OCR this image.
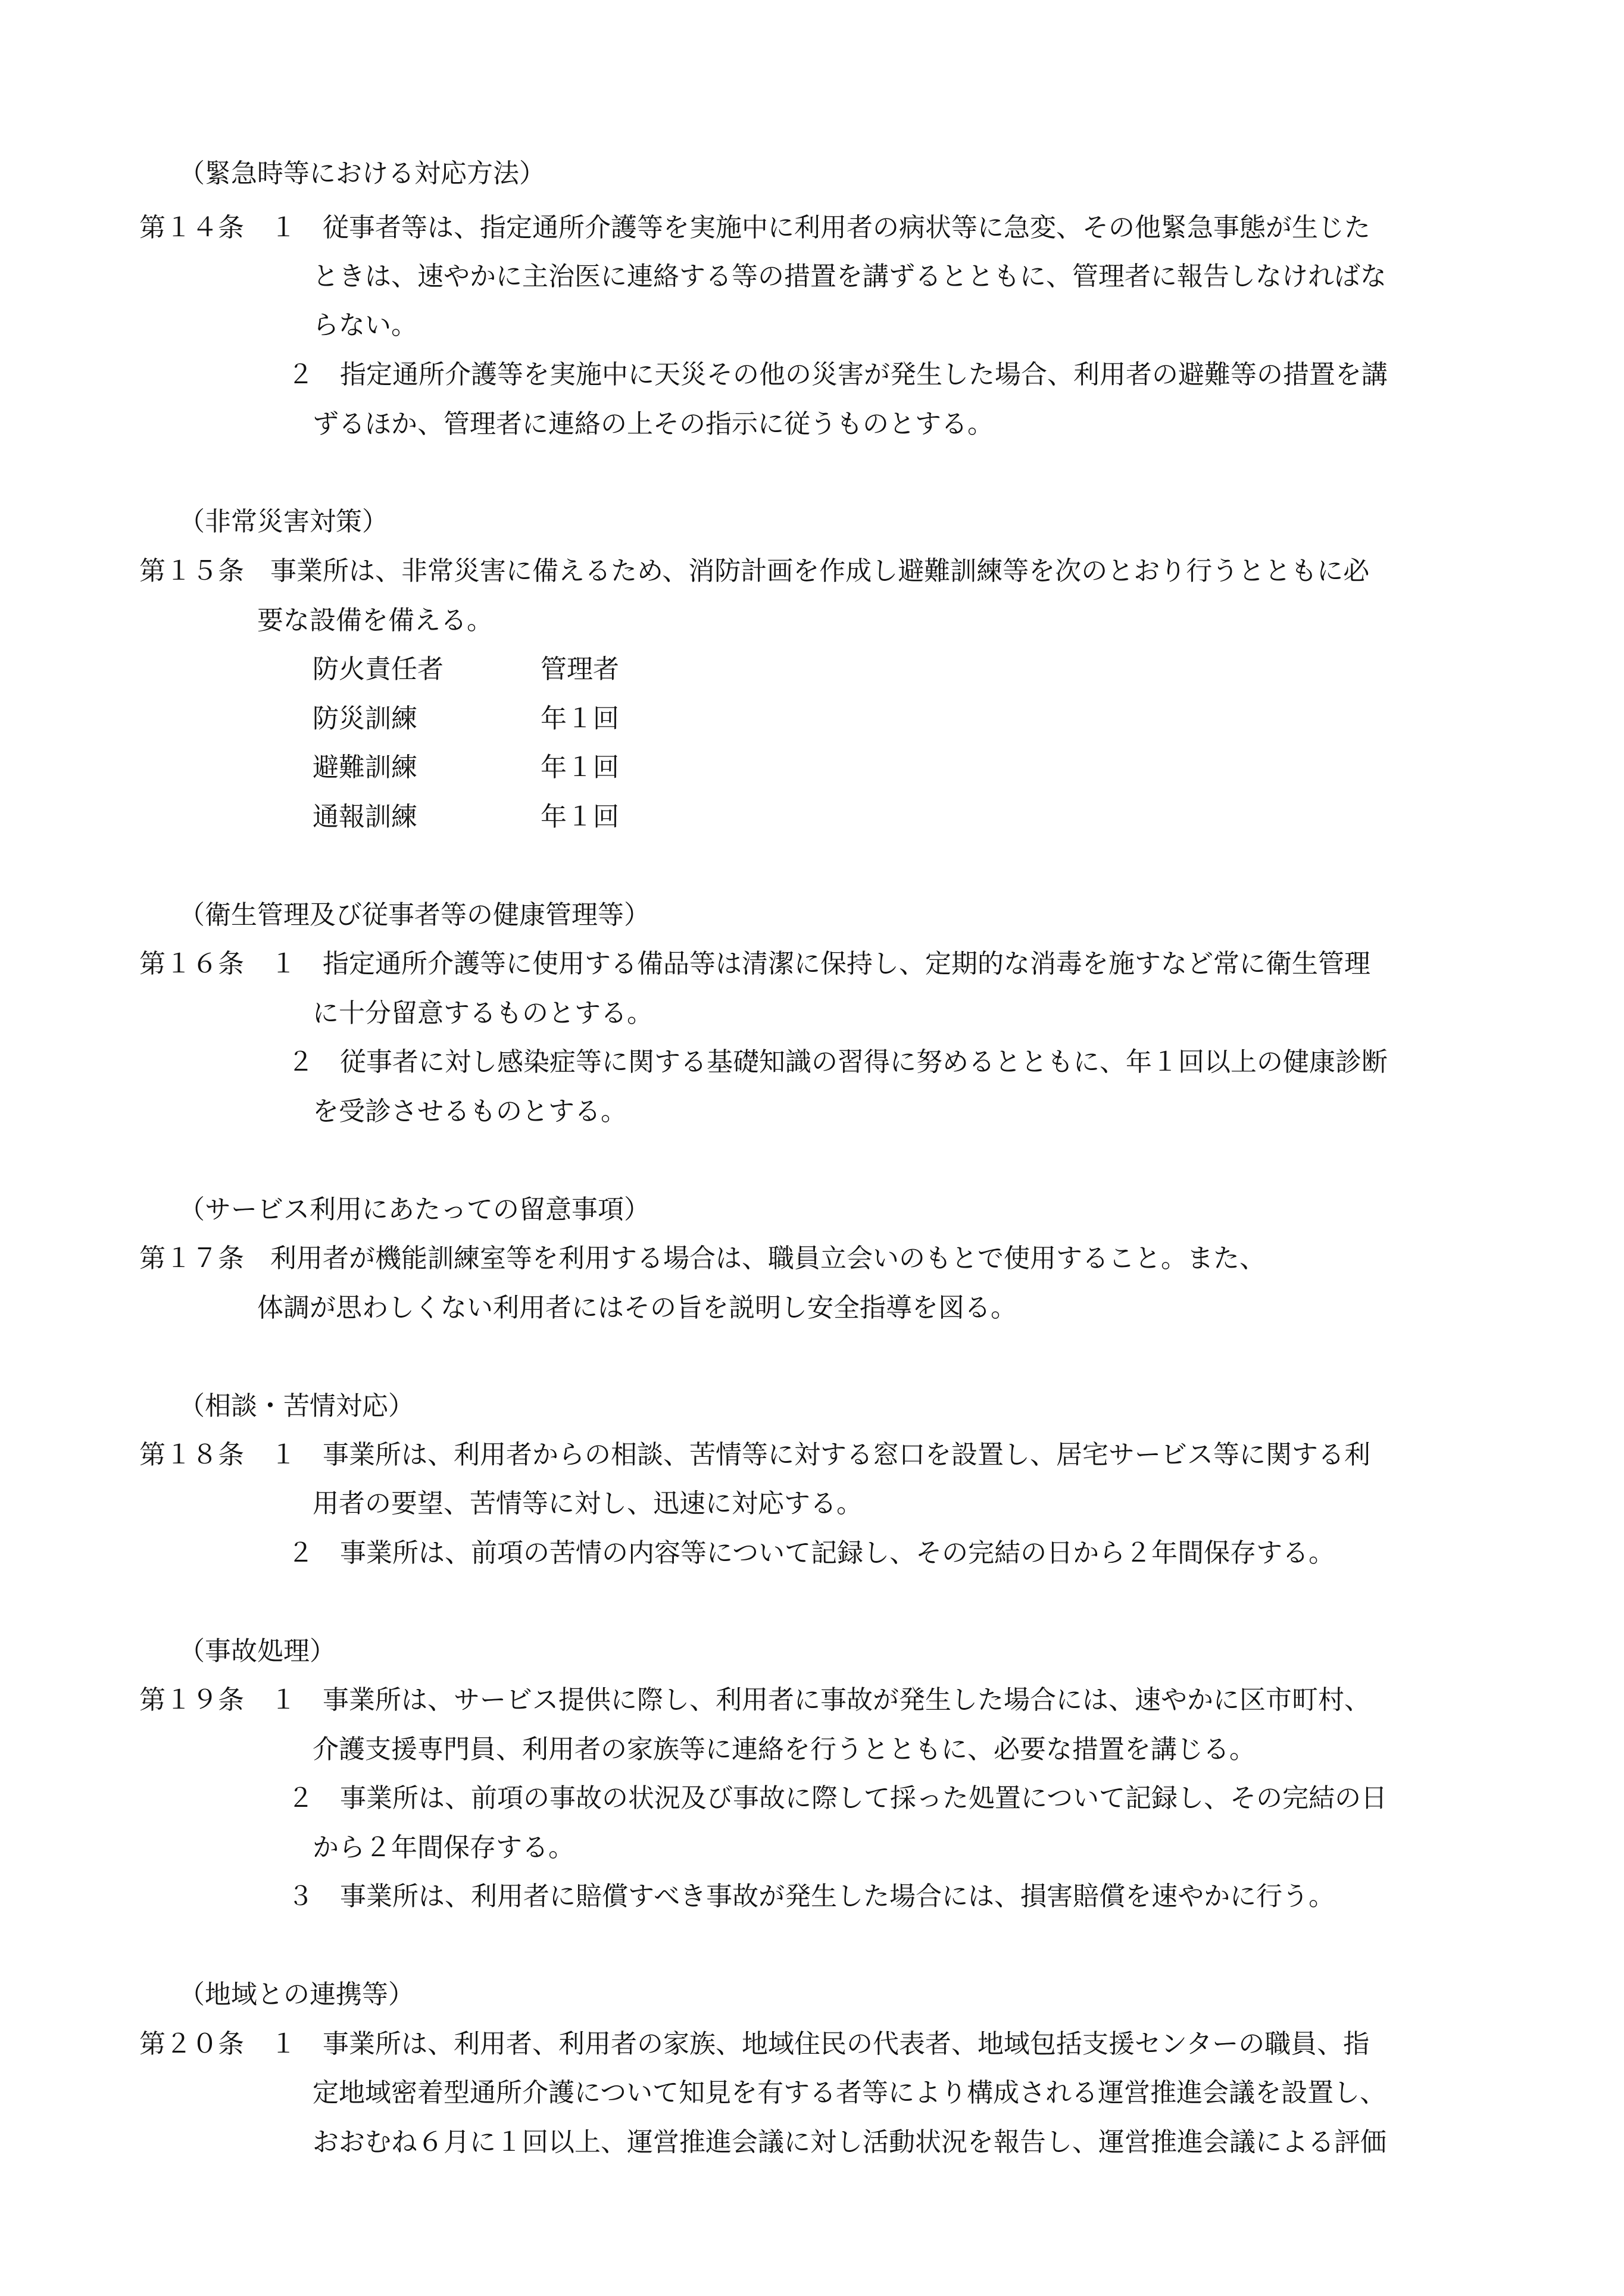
（緊急時等における対応方法）
第１４条　１　従事者等は、指定通所介護等を実施中に利用者の病状等に急変、その他緊急事態が生じた
ときは、速やかに主治医に連絡する等の措置を講ずるとともに、管理者に報告しなければな
らない。
２　指定通所介護等を実施中に天災その他の災害が発生した場合、利用者の避難等の措置を講
ずるほか、管理者に連絡の上その指示に従うものとする。
（非常災害対策）
第１５条　事業所は、非常災害に備えるため、消防計画を作成し避難訓練等を次のとおり行うとともに必
要な設備を備える。
防火責任者	管理者
防災訓練	年１回
避難訓練	年１回
通報訓練	年１回
（衛生管理及び従事者等の健康管理等）
第１６条　１　指定通所介護等に使用する備品等は清潔に保持し、定期的な消毒を施すなど常に衛生管理
に十分留意するものとする。
２　従事者に対し感染症等に関する基礎知識の習得に努めるとともに、年１回以上の健康診断
を受診させるものとする。
（サービス利用にあたっての留意事項）
第１７条　利用者が機能訓練室等を利用する場合は、職員立会いのもとで使用すること。また、
体調が思わしくない利用者にはその旨を説明し安全指導を図る。
（相談・苦情対応）
第１８条　１　事業所は、利用者からの相談、苦情等に対する窓口を設置し、居宅サービス等に関する利
用者の要望、苦情等に対し、迅速に対応する。
２　事業所は、前項の苦情の内容等について記録し、その完結の日から２年間保存する。
（事故処理）
第１９条　１　事業所は、サービス提供に際し、利用者に事故が発生した場合には、速やかに区市町村、
介護支援専門員、利用者の家族等に連絡を行うとともに、必要な措置を講じる。
２　事業所は、前項の事故の状況及び事故に際して採った処置について記録し、その完結の日
から２年間保存する。
３　事業所は、利用者に賠償すべき事故が発生した場合には、損害賠償を速やかに行う。
（地域との連携等）
第２０条　１　事業所は、利用者、利用者の家族、地域住民の代表者、地域包括支援センターの職員、指
定地域密着型通所介護について知見を有する者等により構成される運営推進会議を設置し、
おおむね６月に１回以上、運営推進会議に対し活動状況を報告し、運営推進会議による評価
